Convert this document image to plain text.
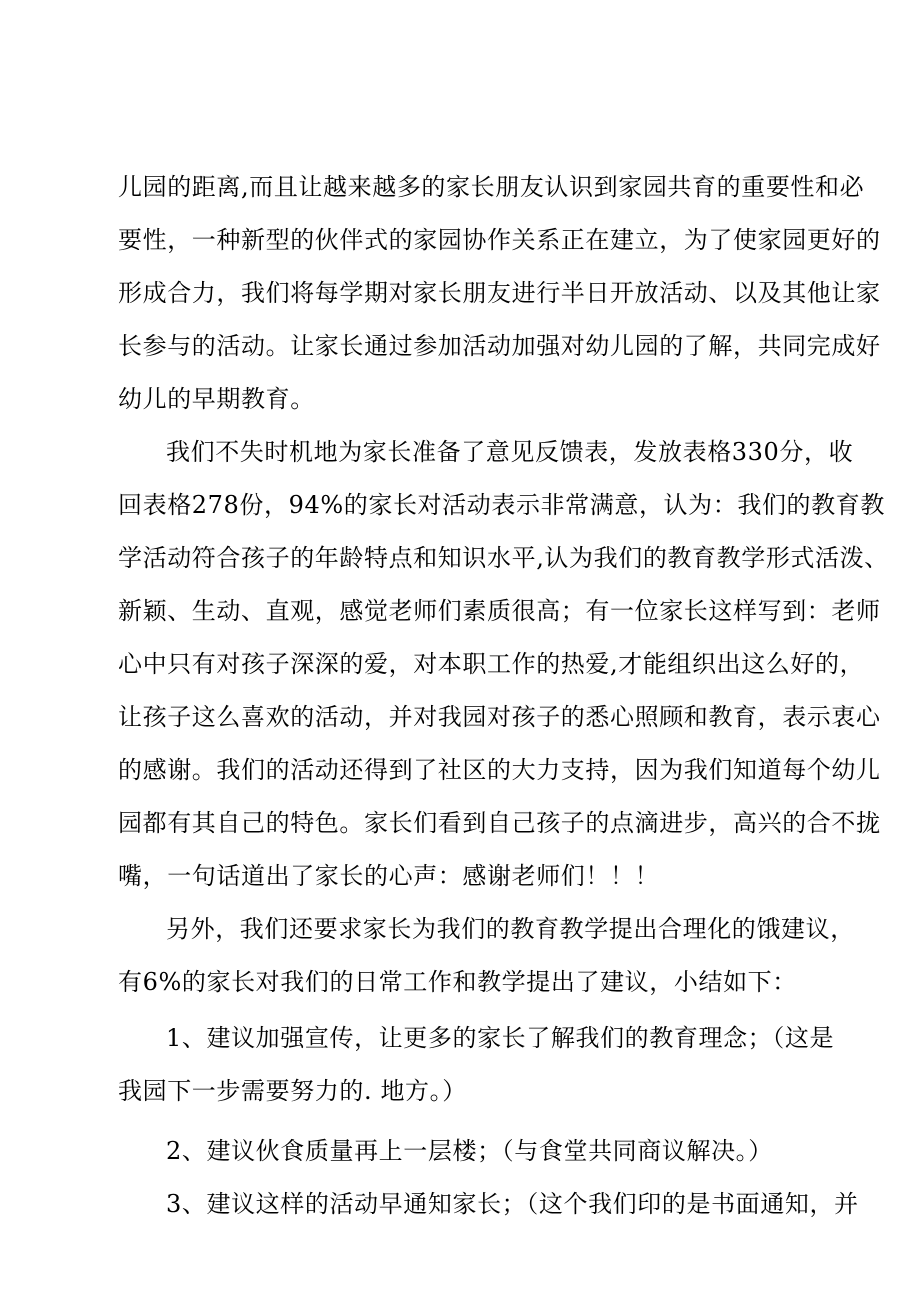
儿园的距离,而且让越来越多的家长朋友认识到家园共育的重要性和必
要性，一种新型的伙伴式的家园协作关系正在建立，为了使家园更好的
形成合力，我们将每学期对家长朋友进行半日开放活动、以及其他让家
长参与的活动。让家长通过参加活动加强对幼儿园的了解，共同完成好
幼儿的早期教育。
我们不失时机地为家长准备了意见反馈表，发放表格330分，收
回表格278份，94%的家长对活动表示非常满意，认为：我们的教育教
学活动符合孩子的年龄特点和知识水平,认为我们的教育教学形式活泼、
新颖、生动、直观，感觉老师们素质很高；有一位家长这样写到：老师
心中只有对孩子深深的爱，对本职工作的热爱,才能组织出这么好的，
让孩子这么喜欢的活动，并对我园对孩子的悉心照顾和教育，表示衷心
的感谢。我们的活动还得到了社区的大力支持，因为我们知道每个幼儿
园都有其自己的特色。家长们看到自己孩子的点滴进步，高兴的合不拢
嘴，一句话道出了家长的心声：感谢老师们！！！
另外，我们还要求家长为我们的教育教学提出合理化的饿建议，
有6%的家长对我们的日常工作和教学提出了建议，小结如下：
1、建议加强宣传，让更多的家长了解我们的教育理念；（这是
我园下一步需要努力的. 地方。）
2、建议伙食质量再上一层楼；（与食堂共同商议解决。）
3、建议这样的活动早通知家长；（这个我们印的是书面通知，并
